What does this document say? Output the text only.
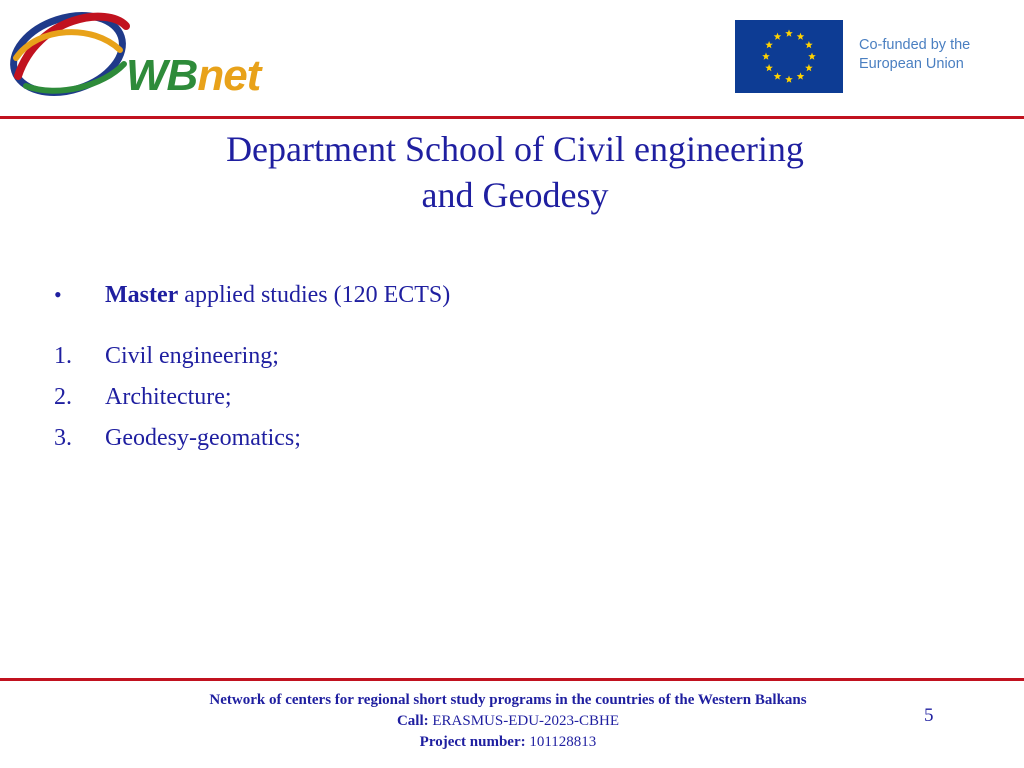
WBnet
Co-funded by the
European Union
Department School of Civil engineering
and Geodesy
• Master applied studies (120 ECTS)
1. Civil engineering;
2. Architecture;
3. Geodesy-geomatics;
Network of centers for regional short study programs in the countries of the Western Balkans
Call: ERASMUS-EDU-2023-CBHE
Project number: 101128813
5
